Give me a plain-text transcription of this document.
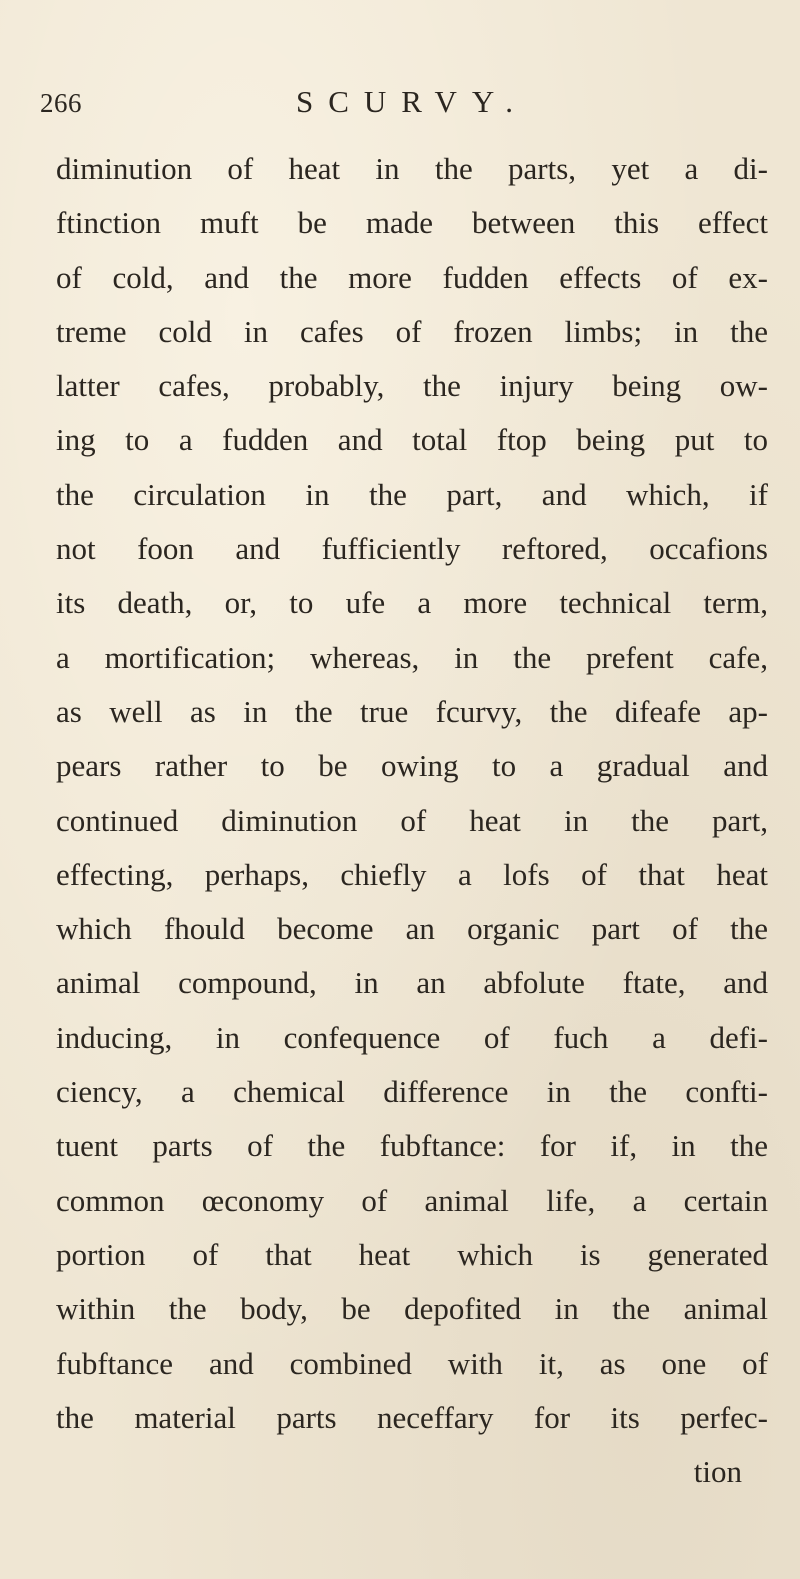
266	SCURVY.
diminution of heat in the parts, yet a di-
ftinction muft be made between this effect
of cold, and the more fudden effects of ex-
treme cold in cafes of frozen limbs; in the
latter cafes, probably, the injury being ow-
ing to a fudden and total ftop being put to
the circulation in the part, and which, if
not foon and fufficiently reftored, occafions
its death, or, to ufe a more technical term,
a mortification; whereas, in the prefent cafe,
as well as in the true fcurvy, the difeafe ap-
pears rather to be owing to a gradual and
continued diminution of heat in the part,
effecting, perhaps, chiefly a lofs of that heat
which fhould become an organic part of the
animal compound, in an abfolute ftate, and
inducing, in confequence of fuch a defi-
ciency, a chemical difference in the confti-
tuent parts of the fubftance: for if, in the
common œconomy of animal life, a certain
portion of that heat which is generated
within the body, be depofited in the animal
fubftance and combined with it, as one of
the material parts neceffary for its perfec-
tion
